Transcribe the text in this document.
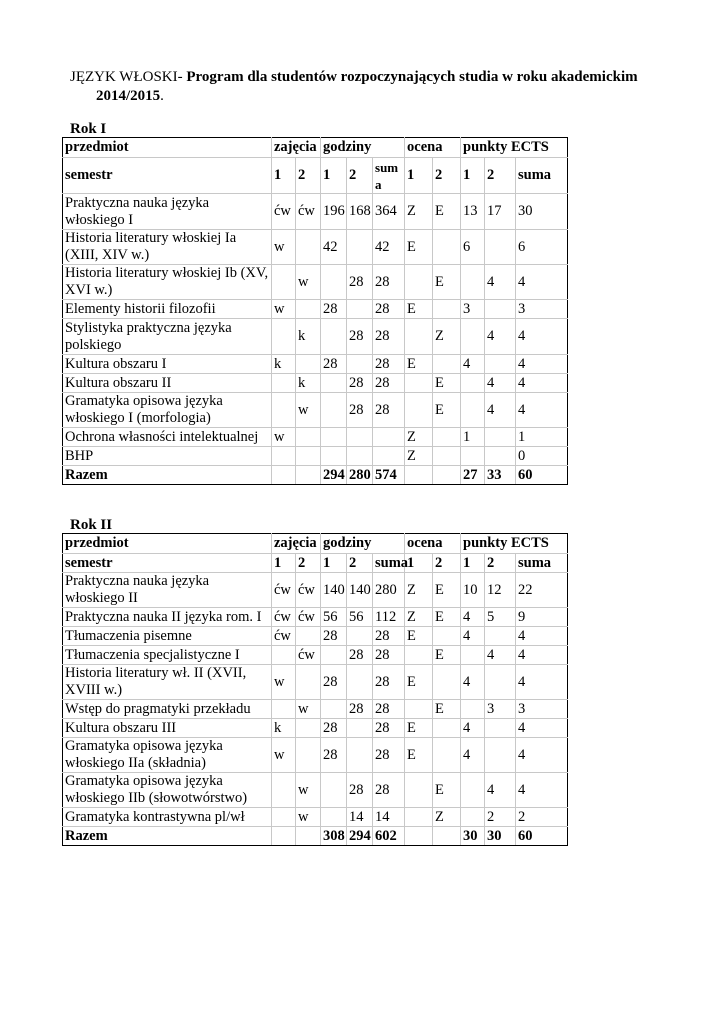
JĘZYK WŁOSKI- Program dla studentów rozpoczynających studia w roku akademickim
2014/2015.
Rok I
przedmiot	zajęcia		godziny			ocena		punkty ECTS		
semestr	1	2	1	2	sum a	1	2	1	2	suma
Praktyczna nauka języka włoskiego I	ćw	ćw	196	168	364	Z	E	13	17	30
Historia literatury włoskiej Ia (XIII, XIV w.)	w		42		42	E		6		6
Historia literatury włoskiej Ib (XV, XVI w.)		w		28	28		E		4	4
Elementy historii filozofii	w		28		28	E		3		3
Stylistyka praktyczna języka polskiego		k		28	28		Z		4	4
Kultura obszaru I	k		28		28	E		4		4
Kultura obszaru II		k		28	28		E		4	4
Gramatyka opisowa języka włoskiego I (morfologia)		w		28	28		E		4	4
Ochrona własności intelektualnej	w					Z		1		1
BHP						Z				0
Razem			294	280	574			27	33	60
Rok II
przedmiot	zajęcia		godziny			ocena		punkty ECTS		
semestr	1	2	1	2	suma	1	2	1	2	suma
Praktyczna nauka języka włoskiego II	ćw	ćw	140	140	280	Z	E	10	12	22
Praktyczna nauka II języka rom. I	ćw	ćw	56	56	112	Z	E	4	5	9
Tłumaczenia pisemne	ćw		28		28	E		4		4
Tłumaczenia specjalistyczne I		ćw		28	28		E		4	4
Historia literatury wł. II (XVII, XVIII w.)	w		28		28	E		4		4
Wstęp do pragmatyki przekładu		w		28	28		E		3	3
Kultura obszaru III	k		28		28	E		4		4
Gramatyka opisowa języka włoskiego IIa (składnia)	w		28		28	E		4		4
Gramatyka opisowa języka włoskiego IIb (słowotwórstwo)		w		28	28		E		4	4
Gramatyka kontrastywna pl/wł		w		14	14		Z		2	2
Razem			308	294	602			30	30	60
